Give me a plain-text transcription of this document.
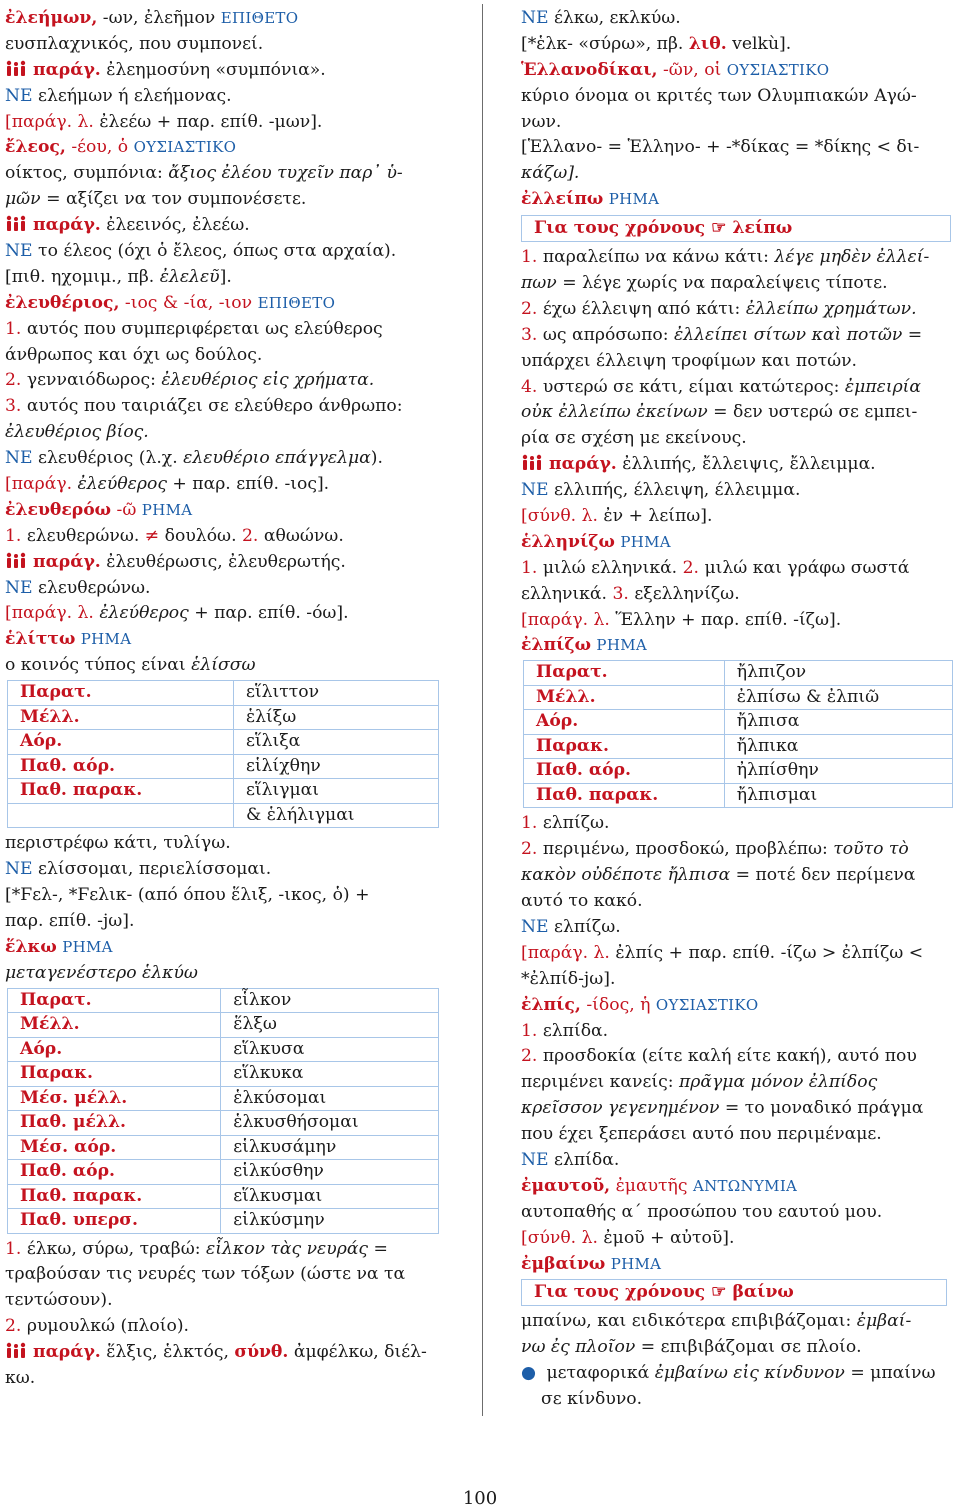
ἐλεήμων, -ων, ἐλεῆμον ΕΠΙΘΕΤΟ
ευσπλαχνικός, που συμπονεί.
παράγ. ἐλεημοσύνη «συμπόνια».
ΝΕ ελεήμων ή ελεήμονας.
[παράγ. λ. ἐλεέω + παρ. επίθ. -μων].
ἔλεος, -έου, ὁ ΟΥΣΙΑΣΤΙΚΟ
οίκτος, συμπόνια: ἄξιος ἐλέου τυχεῖν παρ᾽ ὑ-
μῶν = αξίζει να τον συμπονέσετε.
παράγ. ἐλεεινός, ἐλεέω.
ΝΕ το έλεος (όχι ὁ ἔλεος, όπως στα αρχαία).
[πιθ. ηχομιμ., πβ. ἐλελεῦ].
ἐλευθέριος, -ιος & -ία, -ιον ΕΠΙΘΕΤΟ
1. αυτός που συμπεριφέρεται ως ελεύθερος
άνθρωπος και όχι ως δούλος.
2. γενναιόδωρος: ἐλευθέριος εἰς χρήματα.
3. αυτός που ταιριάζει σε ελεύθερο άνθρωπο:
ἐλευθέριος βίος.
ΝΕ ελευθέριος (λ.χ. ελευθέριο επάγγελμα).
[παράγ. ἐλεύθερος + παρ. επίθ. -ιος].
ἐλευθερόω -ῶ ΡΗΜΑ
1. ελευθερώνω. ≠ δουλόω. 2. αθωώνω.
παράγ. ἐλευθέρωσις, ἐλευθερωτής.
ΝΕ ελευθερώνω.
[παράγ. λ. ἐλεύθερος + παρ. επίθ. -όω].
ἑλίττω ΡΗΜΑ
ο κοινός τύπος είναι ἑλίσσω
Παρατ.	εἵλιττον
Μέλλ.	ἑλίξω
Αόρ.	εἵλιξα
Παθ. αόρ.	εἱλίχθην
Παθ. παρακ.	εἵλιγμαι
	& ἑλήλιγμαι
περιστρέφω κάτι, τυλίγω.
ΝΕ ελίσσομαι, περιελίσσομαι.
[*Ϝελ-, *Ϝελικ- (από όπου ἕλιξ, -ικος, ὁ) +
παρ. επίθ. -jω].
ἕλκω ΡΗΜΑ
μεταγενέστερο ἑλκύω
Παρατ.	εἷλκον
Μέλλ.	ἕλξω
Αόρ.	εἵλκυσα
Παρακ.	εἵλκυκα
Μέσ. μέλλ.	ἑλκύσομαι
Παθ. μέλλ.	ἑλκυσθήσομαι
Μέσ. αόρ.	εἱλκυσάμην
Παθ. αόρ.	εἱλκύσθην
Παθ. παρακ.	εἵλκυσμαι
Παθ. υπερσ.	εἱλκύσμην
1. έλκω, σύρω, τραβώ: εἷλκον τὰς νευράς =
τραβούσαν τις νευρές των τόξων (ώστε να τα
τεντώσουν).
2. ρυμουλκώ (πλοίο).
παράγ. ἕλξις, ἑλκτός, σύνθ. ἀμφέλκω, διέλ-
κω.
ΝΕ έλκω, εκλκύω.
[*ἑλκ- «σύρω», πβ. λιθ. velkù].
Ἑλλανοδίκαι, -ῶν, οἱ ΟΥΣΙΑΣΤΙΚΟ
κύριο όνομα οι κριτές των Ολυμπιακών Αγώ-
νων.
[Ἑλλανο- = Ἑλληνο- + -*δίκας = *δίκης < δι-
κάζω].
ἐλλείπω ΡΗΜΑ
Για τους χρόνους ☞ λείπω
1. παραλείπω να κάνω κάτι: λέγε μηδὲν ἐλλεί-
πων = λέγε χωρίς να παραλείψεις τίποτε.
2. έχω έλλειψη από κάτι: ἐλλείπω χρημάτων.
3. ως απρόσωπο: ἐλλείπει σίτων καὶ ποτῶν =
υπάρχει έλλειψη τροφίμων και ποτών.
4. υστερώ σε κάτι, είμαι κατώτερος: ἐμπειρία
οὐκ ἐλλείπω ἐκείνων = δεν υστερώ σε εμπει-
ρία σε σχέση με εκείνους.
παράγ. ἐλλιπής, ἔλλειψις, ἔλλειμμα.
ΝΕ ελλιπής, έλλειψη, έλλειμμα.
[σύνθ. λ. ἐν + λείπω].
ἑλληνίζω ΡΗΜΑ
1. μιλώ ελληνικά. 2. μιλώ και γράφω σωστά
ελληνικά. 3. εξελληνίζω.
[παράγ. λ. Ἕλλην + παρ. επίθ. -ίζω].
ἐλπίζω ΡΗΜΑ
Παρατ.	ἤλπιζον
Μέλλ.	ἐλπίσω & ἐλπιῶ
Αόρ.	ἤλπισα
Παρακ.	ἤλπικα
Παθ. αόρ.	ἠλπίσθην
Παθ. παρακ.	ἤλπισμαι
1. ελπίζω.
2. περιμένω, προσδοκώ, προβλέπω: τοῦτο τὸ
κακὸν οὐδέποτε ἤλπισα = ποτέ δεν περίμενα
αυτό το κακό.
ΝΕ ελπίζω.
[παράγ. λ. ἐλπίς + παρ. επίθ. -ίζω > ἐλπίζω <
*ἐλπίδ-jω].
ἐλπίς, -ίδος, ἡ ΟΥΣΙΑΣΤΙΚΟ
1. ελπίδα.
2. προσδοκία (είτε καλή είτε κακή), αυτό που
περιμένει κανείς: πρᾶγμα μόνον ἐλπίδος
κρεῖσσον γεγενημένον = το μοναδικό πράγμα
που έχει ξεπεράσει αυτό που περιμέναμε.
ΝΕ ελπίδα.
ἐμαυτοῦ, ἐμαυτῆς ΑΝΤΩΝΥΜΙΑ
αυτοπαθής α΄ προσώπου του εαυτού μου.
[σύνθ. λ. ἐμοῦ + αὐτοῦ].
ἐμβαίνω ΡΗΜΑ
Για τους χρόνους ☞ βαίνω
μπαίνω, και ειδικότερα επιβιβάζομαι: ἐμβαί-
νω ἐς πλοῖον = επιβιβάζομαι σε πλοίο.
● μεταφορικά ἐμβαίνω εἰς κίνδυνον = μπαίνω
σε κίνδυνο.
100
